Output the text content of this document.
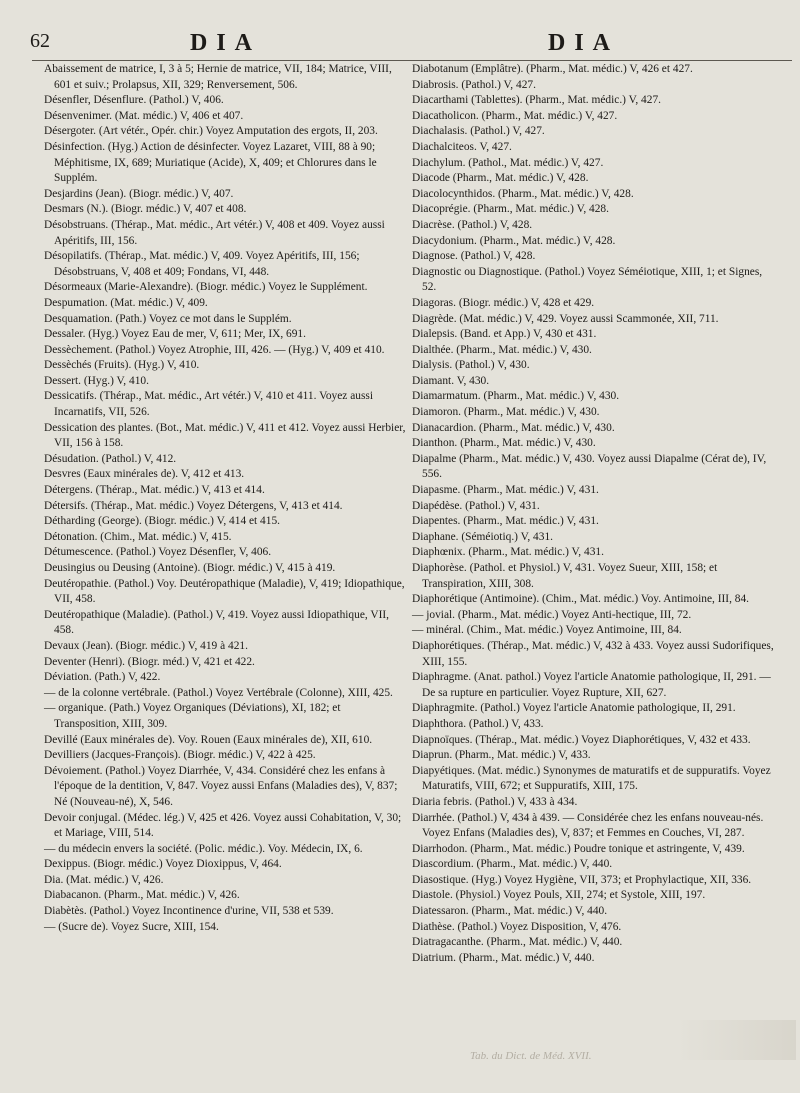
62	DIA	DIA

Abaissement de matrice, I, 3 à 5; Hernie de matrice, VII, 184; Matrice, VIII, 601 et suiv.; Prolapsus, XII, 329; Renversement, 506.

Désenfler, Désenflure. (Pathol.) V, 406.

Désenvenimer. (Mat. médic.) V, 406 et 407.

Désergoter. (Art vétér., Opér. chir.) Voyez Amputation des ergots, II, 203.

Désinfection. (Hyg.) Action de désinfecter. Voyez Lazaret, VIII, 88 à 90; Méphitisme, IX, 689; Muriatique (Acide), X, 409; et Chlorures dans le Supplém.

Desjardins (Jean). (Biogr. médic.) V, 407.

Desmars (N.). (Biogr. médic.) V, 407 et 408.

Désobstruans. (Thérap., Mat. médic., Art vétér.) V, 408 et 409. Voyez aussi Apéritifs, III, 156.

Désopilatifs. (Thérap., Mat. médic.) V, 409. Voyez Apéritifs, III, 156; Désobstruans, V, 408 et 409; Fondans, VI, 448.

Désormeaux (Marie-Alexandre). (Biogr. médic.) Voyez le Supplément.

Despumation. (Mat. médic.) V, 409.

Desquamation. (Path.) Voyez ce mot dans le Supplém.

Dessaler. (Hyg.) Voyez Eau de mer, V, 611; Mer, IX, 691.

Dessèchement. (Pathol.) Voyez Atrophie, III, 426. — (Hyg.) V, 409 et 410.

Dessèchés (Fruits). (Hyg.) V, 410.

Dessert. (Hyg.) V, 410.

Dessicatifs. (Thérap., Mat. médic., Art vétér.) V, 410 et 411. Voyez aussi Incarnatifs, VII, 526.

Dessication des plantes. (Bot., Mat. médic.) V, 411 et 412. Voyez aussi Herbier, VII, 156 à 158.

Désudation. (Pathol.) V, 412.

Desvres (Eaux minérales de). V, 412 et 413.

Détergens. (Thérap., Mat. médic.) V, 413 et 414.

Détersifs. (Thérap., Mat. médic.) Voyez Détergens, V, 413 et 414.

Détharding (George). (Biogr. médic.) V, 414 et 415.

Détonation. (Chim., Mat. médic.) V, 415.

Détumescence. (Pathol.) Voyez Désenfler, V, 406.

Deusingius ou Deusing (Antoine). (Biogr. médic.) V, 415 à 419.

Deutéropathie. (Pathol.) Voy. Deutéropathique (Maladie), V, 419; Idiopathique, VII, 458.

Deutéropathique (Maladie). (Pathol.) V, 419. Voyez aussi Idiopathique, VII, 458.

Devaux (Jean). (Biogr. médic.) V, 419 à 421.

Deventer (Henri). (Biogr. méd.) V, 421 et 422.

Déviation. (Path.) V, 422.

— de la colonne vertébrale. (Pathol.) Voyez Vertébrale (Colonne), XIII, 425.

— organique. (Path.) Voyez Organiques (Déviations), XI, 182; et Transposition, XIII, 309.

Devillé (Eaux minérales de). Voy. Rouen (Eaux minérales de), XII, 610.

Devilliers (Jacques-François). (Biogr. médic.) V, 422 à 425.

Dévoiement. (Pathol.) Voyez Diarrhée, V, 434. Considéré chez les enfans à l'époque de la dentition, V, 847. Voyez aussi Enfans (Maladies des), V, 837; Né (Nouveau-né), X, 546.

Devoir conjugal. (Médec. lég.) V, 425 et 426. Voyez aussi Cohabitation, V, 30; et Mariage, VIII, 514.

— du médecin envers la société. (Polic. médic.). Voy. Médecin, IX, 6.

Dexippus. (Biogr. médic.) Voyez Dioxippus, V, 464.

Dia. (Mat. médic.) V, 426.

Diabacanon. (Pharm., Mat. médic.) V, 426.

Diabètès. (Pathol.) Voyez Incontinence d'urine, VII, 538 et 539.

— (Sucre de). Voyez Sucre, XIII, 154.

Diabotanum (Emplâtre). (Pharm., Mat. médic.) V, 426 et 427.

Diabrosis. (Pathol.) V, 427.

Diacarthami (Tablettes). (Pharm., Mat. médic.) V, 427.

Diacatholicon. (Pharm., Mat. médic.) V, 427.

Diachalasis. (Pathol.) V, 427.

Diachalciteos. V, 427.

Diachylum. (Pathol., Mat. médic.) V, 427.

Diacode (Pharm., Mat. médic.) V, 428.

Diacolocynthidos. (Pharm., Mat. médic.) V, 428.

Diacoprégie. (Pharm., Mat. médic.) V, 428.

Diacrèse. (Pathol.) V, 428.

Diacydonium. (Pharm., Mat. médic.) V, 428.

Diagnose. (Pathol.) V, 428.

Diagnostic ou Diagnostique. (Pathol.) Voyez Séméiotique, XIII, 1; et Signes, 52.

Diagoras. (Biogr. médic.) V, 428 et 429.

Diagrède. (Mat. médic.) V, 429. Voyez aussi Scammonée, XII, 711.

Dialepsis. (Band. et App.) V, 430 et 431.

Dialthée. (Pharm., Mat. médic.) V, 430.

Dialysis. (Pathol.) V, 430.

Diamant. V, 430.

Diamarmatum. (Pharm., Mat. médic.) V, 430.

Diamoron. (Pharm., Mat. médic.) V, 430.

Dianacardion. (Pharm., Mat. médic.) V, 430.

Dianthon. (Pharm., Mat. médic.) V, 430.

Diapalme (Pharm., Mat. médic.) V, 430. Voyez aussi Diapalme (Cérat de), IV, 556.

Diapasme. (Pharm., Mat. médic.) V, 431.

Diapédèse. (Pathol.) V, 431.

Diapentes. (Pharm., Mat. médic.) V, 431.

Diaphane. (Séméiotiq.) V, 431.

Diaphœnix. (Pharm., Mat. médic.) V, 431.

Diaphorèse. (Pathol. et Physiol.) V, 431. Voyez Sueur, XIII, 158; et Transpiration, XIII, 308.

Diaphorétique (Antimoine). (Chim., Mat. médic.) Voy. Antimoine, III, 84.

— jovial. (Pharm., Mat. médic.) Voyez Anti-hectique, III, 72.

— minéral. (Chim., Mat. médic.) Voyez Antimoine, III, 84.

Diaphorétiques. (Thérap., Mat. médic.) V, 432 à 433. Voyez aussi Sudorifiques, XIII, 155.

Diaphragme. (Anat. pathol.) Voyez l'article Anatomie pathologique, II, 291. — De sa rupture en particulier. Voyez Rupture, XII, 627.

Diaphragmite. (Pathol.) Voyez l'article Anatomie pathologique, II, 291.

Diaphthora. (Pathol.) V, 433.

Diapnoïques. (Thérap., Mat. médic.) Voyez Diaphorétiques, V, 432 et 433.

Diaprun. (Pharm., Mat. médic.) V, 433.

Diapyétiques. (Mat. médic.) Synonymes de maturatifs et de suppuratifs. Voyez Maturatifs, VIII, 672; et Suppuratifs, XIII, 175.

Diaria febris. (Pathol.) V, 433 à 434.

Diarrhée. (Pathol.) V, 434 à 439. — Considérée chez les enfans nouveau-nés. Voyez Enfans (Maladies des), V, 837; et Femmes en Couches, VI, 287.

Diarrhodon. (Pharm., Mat. médic.) Poudre tonique et astringente, V, 439.

Diascordium. (Pharm., Mat. médic.) V, 440.

Diasostique. (Hyg.) Voyez Hygiène, VII, 373; et Prophylactique, XII, 336.

Diastole. (Physiol.) Voyez Pouls, XII, 274; et Systole, XIII, 197.

Diatessaron. (Pharm., Mat. médic.) V, 440.

Diathèse. (Pathol.) Voyez Disposition, V, 476.

Diatragacanthe. (Pharm., Mat. médic.) V, 440.

Diatrium. (Pharm., Mat. médic.) V, 440.

Tab. du Dict. de Méd. XVII.
